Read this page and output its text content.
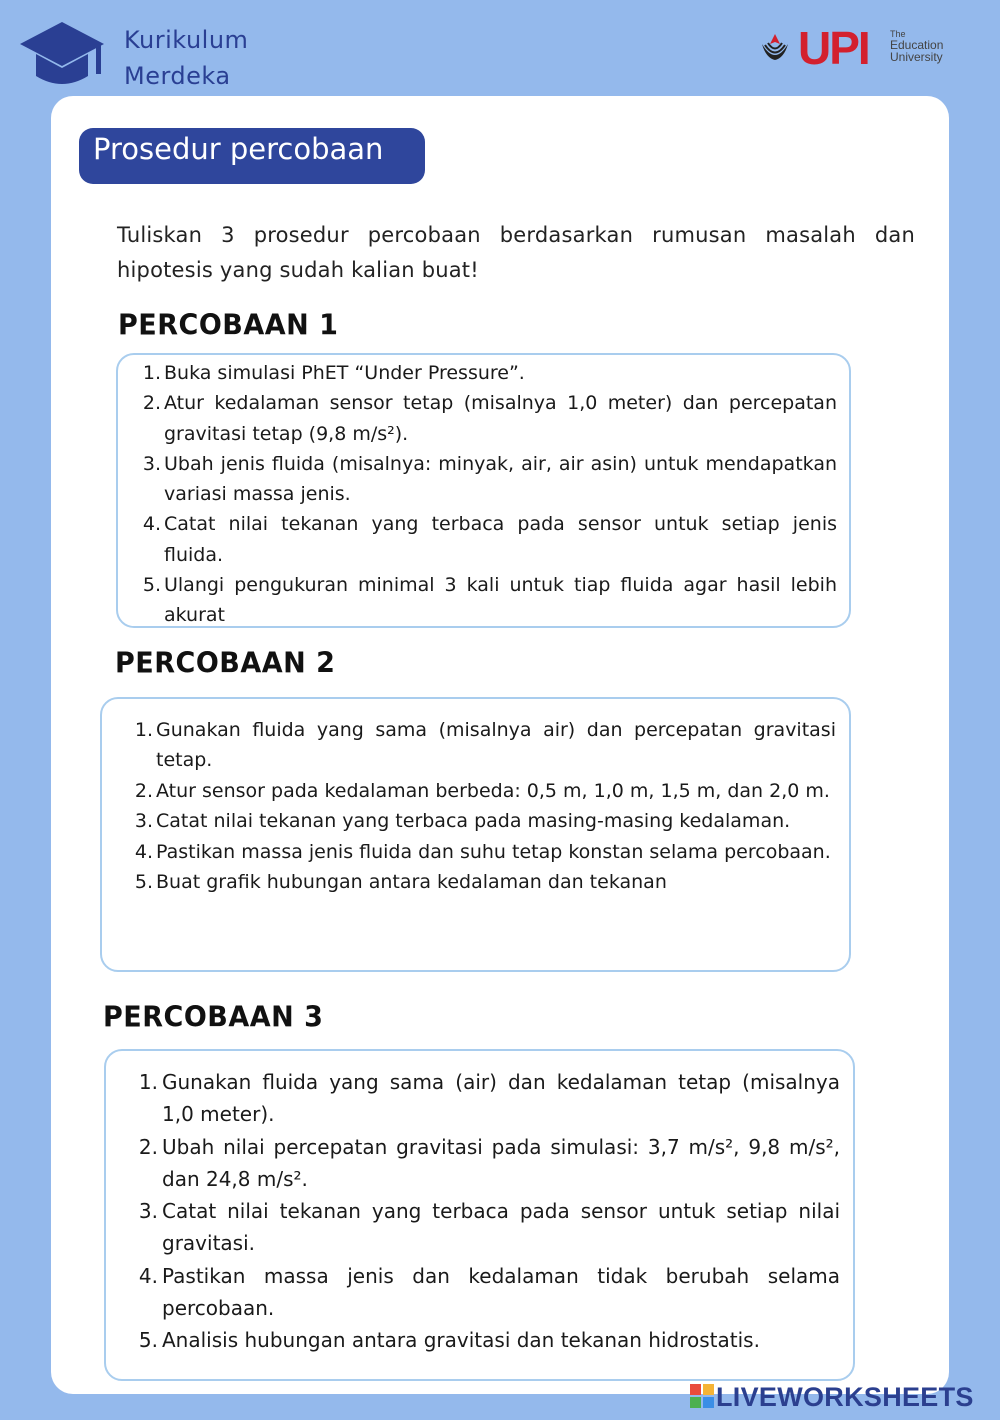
Kurikulum
Merdeka
UPI The
Education
University
Prosedur percobaan
Tuliskan 3 prosedur percobaan berdasarkan rumusan masalah dan hipotesis yang sudah kalian buat!
PERCOBAAN 1
1. Buka simulasi PhET “Under Pressure”.
2. Atur kedalaman sensor tetap (misalnya 1,0 meter) dan percepatan gravitasi tetap (9,8 m/s²).
3. Ubah jenis fluida (misalnya: minyak, air, air asin) untuk mendapatkan variasi massa jenis.
4. Catat nilai tekanan yang terbaca pada sensor untuk setiap jenis fluida.
5. Ulangi pengukuran minimal 3 kali untuk tiap fluida agar hasil lebih akurat
PERCOBAAN 2
1. Gunakan fluida yang sama (misalnya air) dan percepatan gravitasi tetap.
2. Atur sensor pada kedalaman berbeda: 0,5 m, 1,0 m, 1,5 m, dan 2,0 m.
3. Catat nilai tekanan yang terbaca pada masing-masing kedalaman.
4. Pastikan massa jenis fluida dan suhu tetap konstan selama percobaan.
5. Buat grafik hubungan antara kedalaman dan tekanan
PERCOBAAN 3
1. Gunakan fluida yang sama (air) dan kedalaman tetap (misalnya 1,0 meter).
2. Ubah nilai percepatan gravitasi pada simulasi: 3,7 m/s², 9,8 m/s², dan 24,8 m/s².
3. Catat nilai tekanan yang terbaca pada sensor untuk setiap nilai gravitasi.
4. Pastikan massa jenis dan kedalaman tidak berubah selama percobaan.
5. Analisis hubungan antara gravitasi dan tekanan hidrostatis.
LIVEWORKSHEETS
